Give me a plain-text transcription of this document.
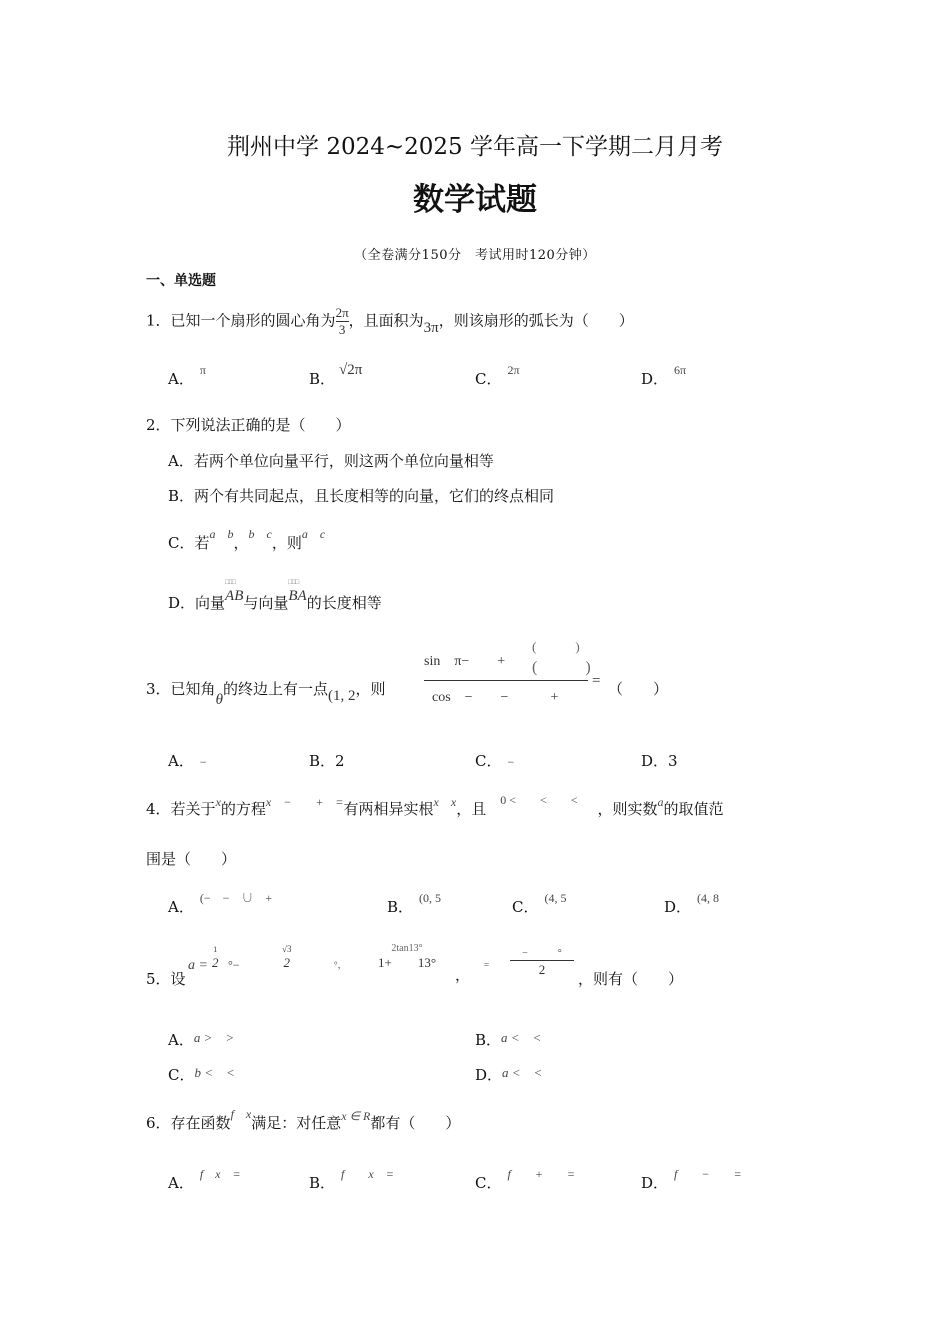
荆州中学 2024~2025 学年高一下学期二月月考
数学试题
（全卷满分150分　考试用时120分钟）
一、单选题
1．已知一个扇形的圆心角为 $\frac{2\pi}{3}$ ，且面积为3π，则该扇形的弧长为（　　）
A． $^\pi$	B． √2π	C． $^{2\pi}$	D． $^{6\pi}$
2．下列说法正确的是（　　）
A．若两个单位向量平行，则这两个单位向量相等
B．两个有共同起点，且长度相等的向量，它们的终点相同
C．若$^{a b}$，$^{b c}$，则$^{a c}$
D．向量
□□□
AB与向量
□□□
BA的长度相等
3．已知角θ的终边上有一点(1, 2，则
sin　π−　　+
(　　　)
(　　　)
cos　−　　−　　　+
= （　　）
A． −	B．2	C． −	D．3
4．若关于$^x$的方程$^{x - + =}$有两相异实根$^{x x}$，且 $^{0 < < <}$ ，则实数$^a$的取值范
围是（　　）
A． (−　−　∪　+	B． $^{(0, 5}$	C． $^{(4, 5}$	D． $^{(4, 8}$
5．设
a =
1
2 °−
√3
2	°，
2tan13°
1+　　13°
，
=
−　　　°
2
，则有（　　）
A．a >　>	B．a <　<
C．b <　<	D．a <　<
6．存在函数$^{f x}$满足：对任意$^{x \in R}$都有（　　）
A． $^{f x =}$	B． $^{f x =}$	C． $^{f + =}$	D． $^{f - =}$
